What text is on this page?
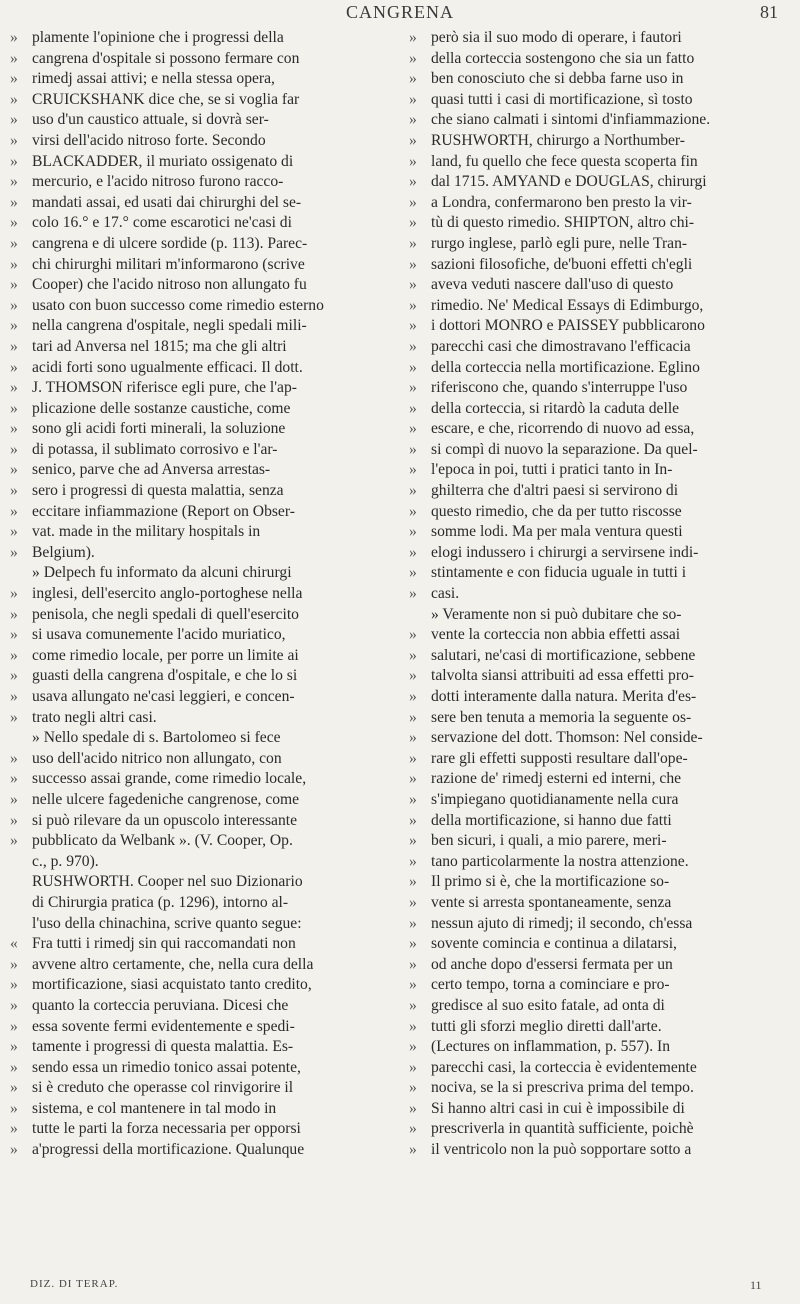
CANGRENA	81
» plamente l'opinione che i progressi della
» cangrena d'ospitale si possono fermare con
» rimedj assai attivi; e nella stessa opera,
» CRUICKSHANK dice che, se si voglia far
» uso d'un caustico attuale, si dovrà ser-
» virsi dell'acido nitroso forte. Secondo
» BLACKADDER, il muriato ossigenato di
» mercurio, e l'acido nitroso furono racco-
» mandati assai, ed usati dai chirurghi del se-
» colo 16.° e 17.° come escarotici ne'casi di
» cangrena e di ulcere sordide (p. 113). Parec-
» chi chirurghi militari m'informarono (scrive
» Cooper) che l'acido nitroso non allungato fu
» usato con buon successo come rimedio esterno
» nella cangrena d'ospitale, negli spedali mili-
» tari ad Anversa nel 1815; ma che gli altri
» acidi forti sono ugualmente efficaci. Il dott.
» J. THOMSON riferisce egli pure, che l'ap-
» plicazione delle sostanze caustiche, come
» sono gli acidi forti minerali, la soluzione
» di potassa, il sublimato corrosivo e l'ar-
» senico, parve che ad Anversa arrestas-
» sero i progressi di questa malattia, senza
» eccitare infiammazione (Report on Obser-
» vat. made in the military hospitals in
» Belgium).
» Delpech fu informato da alcuni chirurgi
» inglesi, dell'esercito anglo-portoghese nella
» penisola, che negli spedali di quell'esercito
» si usava comunemente l'acido muriatico,
» come rimedio locale, per porre un limite ai
» guasti della cangrena d'ospitale, e che lo si
» usava allungato ne'casi leggieri, e concen-
» trato negli altri casi.
» Nello spedale di s. Bartolomeo si fece
» uso dell'acido nitrico non allungato, con
» successo assai grande, come rimedio locale,
» nelle ulcere fagedeniche cangrenose, come
» si può rilevare da un opuscolo interessante
» pubblicato da Welbank ». (V. Cooper, Op.
c., p. 970).
RUSHWORTH. Cooper nel suo Dizionario
di Chirurgia pratica (p. 1296), intorno al-
l'uso della chinachina, scrive quanto segue:
« Fra tutti i rimedj sin qui raccomandati non
» avvene altro certamente, che, nella cura della
» mortificazione, siasi acquistato tanto credito,
» quanto la corteccia peruviana. Dicesi che
» essa sovente fermi evidentemente e spedi-
» tamente i progressi di questa malattia. Es-
» sendo essa un rimedio tonico assai potente,
» si è creduto che operasse col rinvigorire il
» sistema, e col mantenere in tal modo in
» tutte le parti la forza necessaria per opporsi
» a'progressi della mortificazione. Qualunque
» però sia il suo modo di operare, i fautori
» della corteccia sostengono che sia un fatto
» ben conosciuto che si debba farne uso in
» quasi tutti i casi di mortificazione, sì tosto
» che siano calmati i sintomi d'infiammazione.
» RUSHWORTH, chirurgo a Northumber-
» land, fu quello che fece questa scoperta fin
» dal 1715. AMYAND e DOUGLAS, chirurgi
» a Londra, confermarono ben presto la vir-
» tù di questo rimedio. SHIPTON, altro chi-
» rurgo inglese, parlò egli pure, nelle Tran-
» sazioni filosofiche, de'buoni effetti ch'egli
» aveva veduti nascere dall'uso di questo
» rimedio. Ne' Medical Essays di Edimburgo,
» i dottori MONRO e PAISSEY pubblicarono
» parecchi casi che dimostravano l'efficacia
» della corteccia nella mortificazione. Eglino
» riferiscono che, quando s'interruppe l'uso
» della corteccia, si ritardò la caduta delle
» escare, e che, ricorrendo di nuovo ad essa,
» si compì di nuovo la separazione. Da quel-
» l'epoca in poi, tutti i pratici tanto in In-
» ghilterra che d'altri paesi si servirono di
» questo rimedio, che da per tutto riscosse
» somme lodi. Ma per mala ventura questi
» elogi indussero i chirurgi a servirsene indi-
» stintamente e con fiducia uguale in tutti i
» casi.
» Veramente non si può dubitare che so-
» vente la corteccia non abbia effetti assai
» salutari, ne'casi di mortificazione, sebbene
» talvolta siansi attribuiti ad essa effetti pro-
» dotti interamente dalla natura. Merita d'es-
» sere ben tenuta a memoria la seguente os-
» servazione del dott. Thomson: Nel conside-
» rare gli effetti supposti resultare dall'ope-
» razione de' rimedj esterni ed interni, che
» s'impiegano quotidianamente nella cura
» della mortificazione, si hanno due fatti
» ben sicuri, i quali, a mio parere, meri-
» tano particolarmente la nostra attenzione.
» Il primo si è, che la mortificazione so-
» vente si arresta spontaneamente, senza
» nessun ajuto di rimedj; il secondo, ch'essa
» sovente comincia e continua a dilatarsi,
» od anche dopo d'essersi fermata per un
» certo tempo, torna a cominciare e pro-
» gredisce al suo esito fatale, ad onta di
» tutti gli sforzi meglio diretti dall'arte.
» (Lectures on inflammation, p. 557). In
» parecchi casi, la corteccia è evidentemente
» nociva, se la si prescriva prima del tempo.
» Si hanno altri casi in cui è impossibile di
» prescriverla in quantità sufficiente, poichè
» il ventricolo non la può sopportare sotto a
DIZ. DI TERAP.	11
